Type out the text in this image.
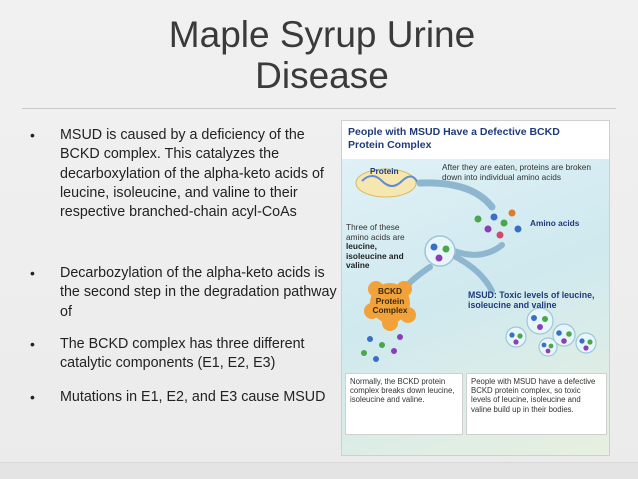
Maple Syrup Urine
Disease
• MSUD is caused by a deficiency of the BCKD complex. This catalyzes the decarboxylation of the alpha-keto acids of leucine, isoleucine, and valine to their respective branched-chain acyl-CoAs
• Decarbozylation of the alpha-keto acids is the second step in the degradation pathway of
• The BCKD complex has three different catalytic components (E1, E2, E3)
• Mutations in E1, E2, and E3 cause MSUD
People with MSUD Have a Defective BCKD Protein Complex
Protein	After they are eaten, proteins are broken down into individual amino acids
Amino acids
Three of these amino acids are leucine, isoleucine and valine
BCKD
Protein
Complex
MSUD: Toxic levels of leucine, isoleucine and valine
Normally, the BCKD protein complex breaks down leucine, isoleucine and valine.
People with MSUD have a defective BCKD protein complex, so toxic levels of leucine, isoleucine and valine build up in their bodies.
